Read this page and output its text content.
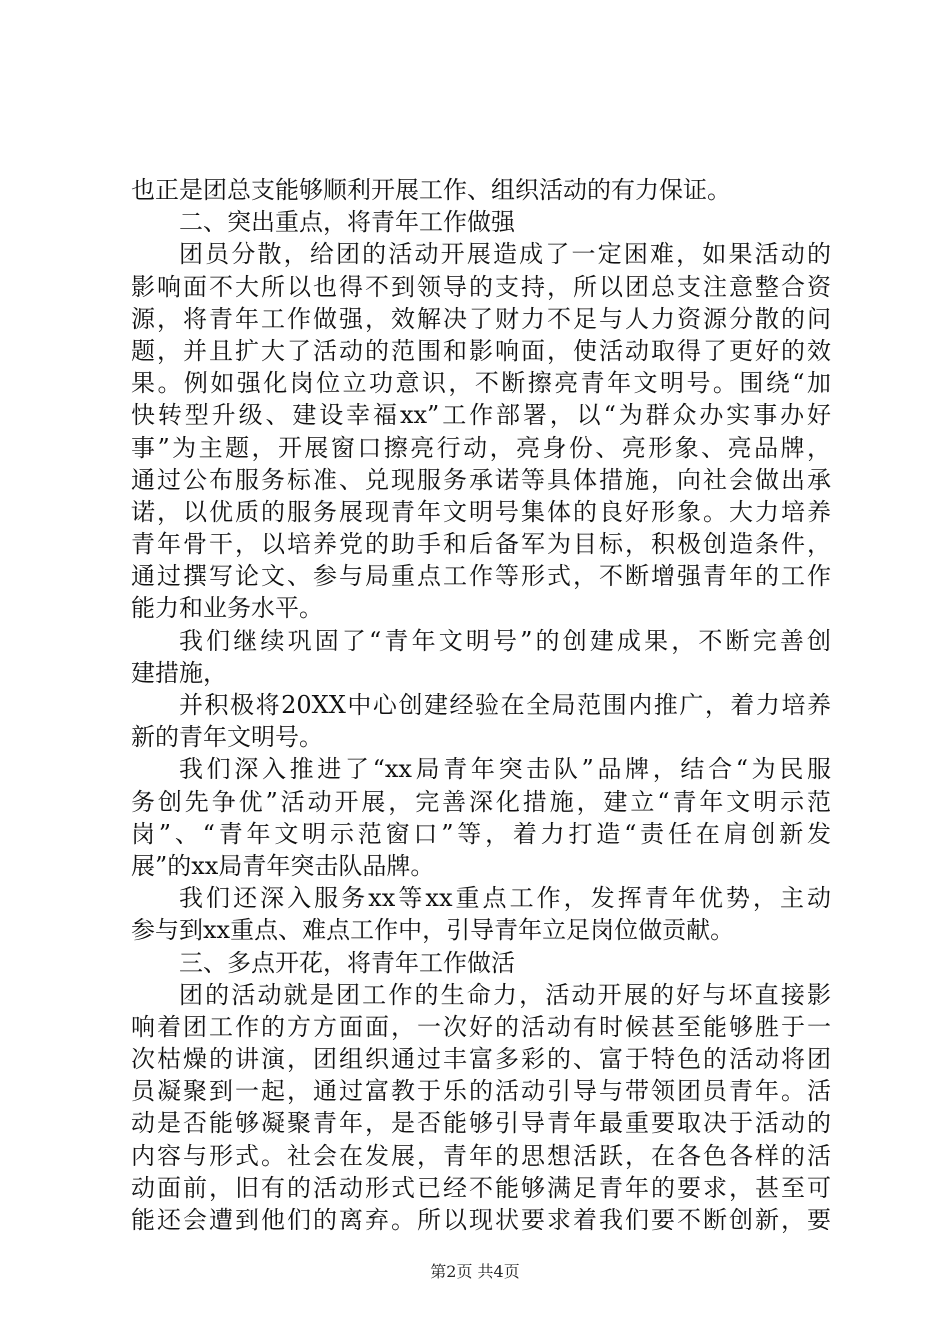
也正是团总支能够顺利开展工作、组织活动的有力保证。
二、突出重点，将青年工作做强
团员分散，给团的活动开展造成了一定困难，如果活动的
影响面不大所以也得不到领导的支持，所以团总支注意整合资
源，将青年工作做强，效解决了财力不足与人力资源分散的问
题，并且扩大了活动的范围和影响面，使活动取得了更好的效
果。例如强化岗位立功意识，不断擦亮青年文明号。围绕“加
快转型升级、建设幸福xx”工作部署，以“为群众办实事办好
事”为主题，开展窗口擦亮行动，亮身份、亮形象、亮品牌，
通过公布服务标准、兑现服务承诺等具体措施，向社会做出承
诺，以优质的服务展现青年文明号集体的良好形象。大力培养
青年骨干，以培养党的助手和后备军为目标，积极创造条件，
通过撰写论文、参与局重点工作等形式，不断增强青年的工作
能力和业务水平。
我们继续巩固了“青年文明号”的创建成果，不断完善创
建措施，
并积极将20XX中心创建经验在全局范围内推广，着力培养
新的青年文明号。
我们深入推进了“xx局青年突击队”品牌，结合“为民服
务创先争优”活动开展，完善深化措施，建立“青年文明示范
岗”、“青年文明示范窗口”等，着力打造“责任在肩创新发
展”的xx局青年突击队品牌。
我们还深入服务xx等xx重点工作，发挥青年优势，主动
参与到xx重点、难点工作中，引导青年立足岗位做贡献。
三、多点开花，将青年工作做活
团的活动就是团工作的生命力，活动开展的好与坏直接影
响着团工作的方方面面，一次好的活动有时候甚至能够胜于一
次枯燥的讲演，团组织通过丰富多彩的、富于特色的活动将团
员凝聚到一起，通过富教于乐的活动引导与带领团员青年。活
动是否能够凝聚青年，是否能够引导青年最重要取决于活动的
内容与形式。社会在发展，青年的思想活跃，在各色各样的活
动面前，旧有的活动形式已经不能够满足青年的要求，甚至可
能还会遭到他们的离弃。所以现状要求着我们要不断创新，要
第2页 共4页
